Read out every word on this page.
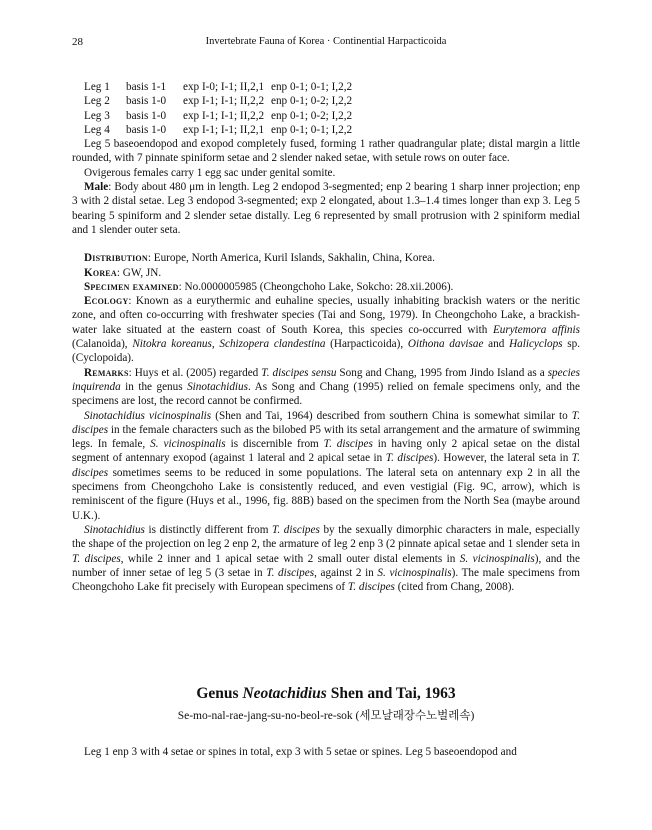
28	Invertebrate Fauna of Korea · Continential Harpacticoida
Leg 1	basis 1-1	exp I-0; I-1; II,2,1 enp 0-1; 0-1; I,2,2
Leg 2	basis 1-0	exp I-1; I-1; II,2,2 enp 0-1; 0-2; I,2,2
Leg 3	basis 1-0	exp I-1; I-1; II,2,2 enp 0-1; 0-2; I,2,2
Leg 4	basis 1-0	exp I-1; I-1; II,2,1 enp 0-1; 0-1; I,2,2

Leg 5 baseoendopod and exopod completely fused, forming 1 rather quadrangular plate; distal margin a little rounded, with 7 pinnate spiniform setae and 2 slender naked setae, with setule rows on outer face.

Ovigerous females carry 1 egg sac under genital somite.

Male: Body about 480 μm in length. Leg 2 endopod 3-segmented; enp 2 bearing 1 sharp inner projection; enp 3 with 2 distal setae. Leg 3 endopod 3-segmented; exp 2 elongated, about 1.3–1.4 times longer than exp 3. Leg 5 bearing 5 spiniform and 2 slender setae distally. Leg 6 represented by small protrusion with 2 spiniform medial and 1 slender outer seta.

Distribution: Europe, North America, Kuril Islands, Sakhalin, China, Korea.

Korea: GW, JN.

Specimen examined: No.0000005985 (Cheongchoho Lake, Sokcho: 28.xii.2006).

Ecology: Known as a eurythermic and euhaline species, usually inhabiting brackish waters or the neritic zone, and often co-occurring with freshwater species (Tai and Song, 1979). In Cheongchoho Lake, a brackish-water lake situated at the eastern coast of South Korea, this species co-occurred with Eurytemora affinis (Calanoida), Nitokra koreanus, Schizopera clandestina (Harpacticoida), Oithona davisae and Halicyclops sp. (Cyclopoida).

Remarks: Huys et al. (2005) regarded T. discipes sensu Song and Chang, 1995 from Jindo Island as a species inquirenda in the genus Sinotachidius. As Song and Chang (1995) relied on female specimens only, and the specimens are lost, the record cannot be confirmed.

Sinotachidius vicinospinalis (Shen and Tai, 1964) described from southern China is somewhat similar to T. discipes in the female characters such as the bilobed P5 with its setal arrangement and the armature of swimming legs. In female, S. vicinospinalis is discernible from T. discipes in having only 2 apical setae on the distal segment of antennary exopod (against 1 lateral and 2 apical setae in T. discipes). However, the lateral seta in T. discipes sometimes seems to be reduced in some populations. The lateral seta on antennary exp 2 in all the specimens from Cheongchoho Lake is consistently reduced, and even vestigial (Fig. 9C, arrow), which is reminiscent of the figure (Huys et al., 1996, fig. 88B) based on the specimen from the North Sea (maybe around U.K.).

Sinotachidius is distinctly different from T. discipes by the sexually dimorphic characters in male, especially the shape of the projection on leg 2 enp 2, the armature of leg 2 enp 3 (2 pinnate apical setae and 1 slender seta in T. discipes, while 2 inner and 1 apical setae with 2 small outer distal elements in S. vicinospinalis), and the number of inner setae of leg 5 (3 setae in T. discipes, against 2 in S. vicinospinalis). The male specimens from Cheongchoho Lake fit precisely with European specimens of T. discipes (cited from Chang, 2008).

Genus Neotachidius Shen and Tai, 1963
Se-mo-nal-rae-jang-su-no-beol-re-sok (세모날래장수노벌레속)

Leg 1 enp 3 with 4 setae or spines in total, exp 3 with 5 setae or spines. Leg 5 baseoendopod and
